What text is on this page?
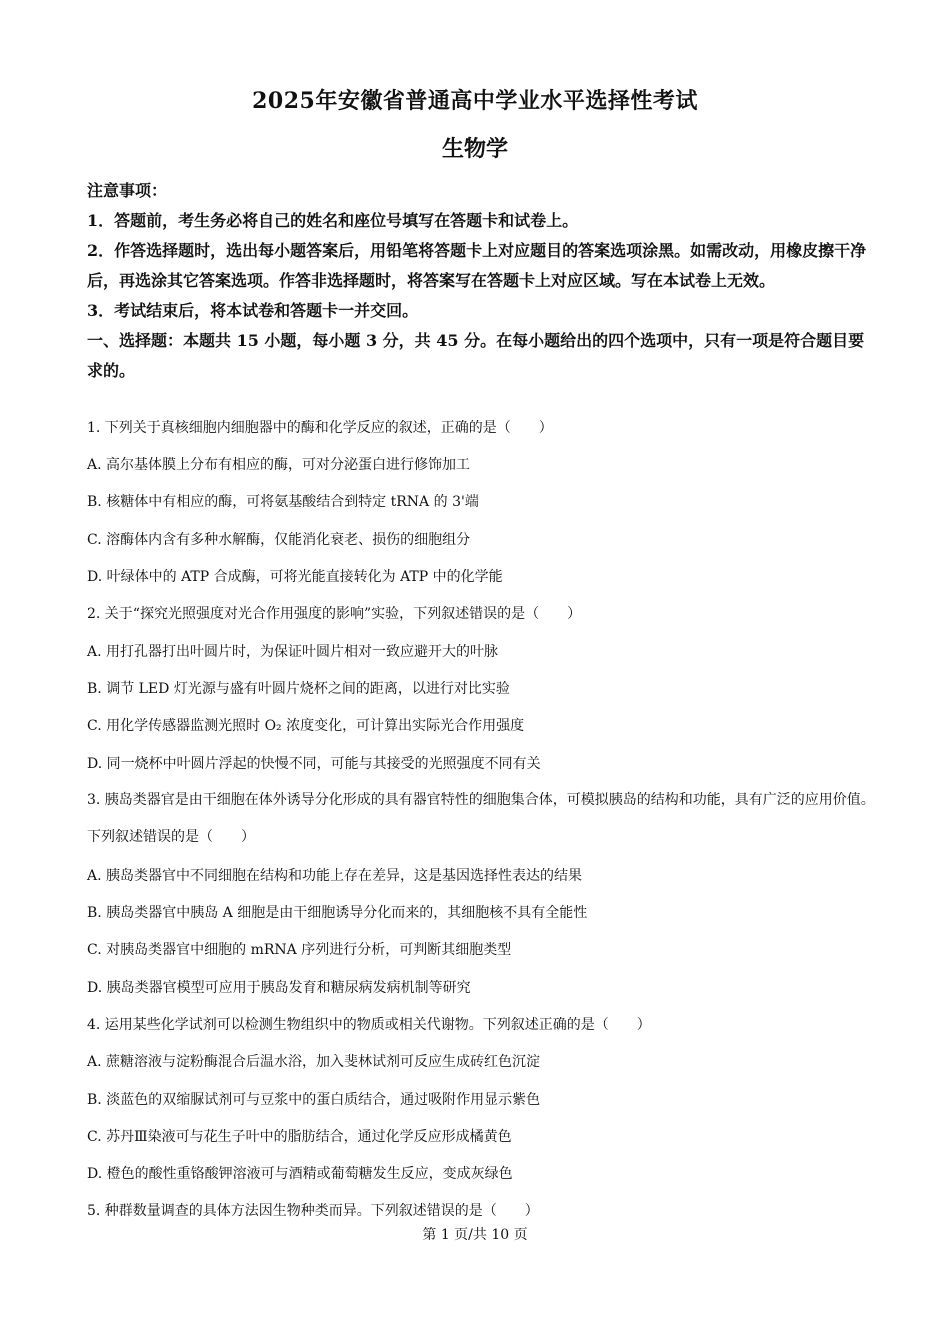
2025年安徽省普通高中学业水平选择性考试
生物学

注意事项：

1．答题前，考生务必将自己的姓名和座位号填写在答题卡和试卷上。

2．作答选择题时，选出每小题答案后，用铅笔将答题卡上对应题目的答案选项涂黑。如需改动，用橡皮擦干净后，再选涂其它答案选项。作答非选择题时，将答案写在答题卡上对应区域。写在本试卷上无效。

3．考试结束后，将本试卷和答题卡一并交回。

一、选择题：本题共 15 小题，每小题 3 分，共 45 分。在每小题给出的四个选项中，只有一项是符合题目要求的。

1. 下列关于真核细胞内细胞器中的酶和化学反应的叙述，正确的是（　　）
A. 高尔基体膜上分布有相应的酶，可对分泌蛋白进行修饰加工
B. 核糖体中有相应的酶，可将氨基酸结合到特定 tRNA 的 3'端
C. 溶酶体内含有多种水解酶，仅能消化衰老、损伤的细胞组分
D. 叶绿体中的 ATP 合成酶，可将光能直接转化为 ATP 中的化学能
2. 关于“探究光照强度对光合作用强度的影响”实验，下列叙述错误的是（　　）
A. 用打孔器打出叶圆片时，为保证叶圆片相对一致应避开大的叶脉
B. 调节 LED 灯光源与盛有叶圆片烧杯之间的距离，以进行对比实验
C. 用化学传感器监测光照时 O₂ 浓度变化，可计算出实际光合作用强度
D. 同一烧杯中叶圆片浮起的快慢不同，可能与其接受的光照强度不同有关
3. 胰岛类器官是由干细胞在体外诱导分化形成的具有器官特性的细胞集合体，可模拟胰岛的结构和功能，具有广泛的应用价值。下列叙述错误的是（　　）
A. 胰岛类器官中不同细胞在结构和功能上存在差异，这是基因选择性表达的结果
B. 胰岛类器官中胰岛 A 细胞是由干细胞诱导分化而来的，其细胞核不具有全能性
C. 对胰岛类器官中细胞的 mRNA 序列进行分析，可判断其细胞类型
D. 胰岛类器官模型可应用于胰岛发育和糖尿病发病机制等研究
4. 运用某些化学试剂可以检测生物组织中的物质或相关代谢物。下列叙述正确的是（　　）
A. 蔗糖溶液与淀粉酶混合后温水浴，加入斐林试剂可反应生成砖红色沉淀
B. 淡蓝色的双缩脲试剂可与豆浆中的蛋白质结合，通过吸附作用显示紫色
C. 苏丹Ⅲ染液可与花生子叶中的脂肪结合，通过化学反应形成橘黄色
D. 橙色的酸性重铬酸钾溶液可与酒精或葡萄糖发生反应，变成灰绿色
5. 种群数量调查的具体方法因生物种类而异。下列叙述错误的是（　　）
第 1 页/共 10 页
